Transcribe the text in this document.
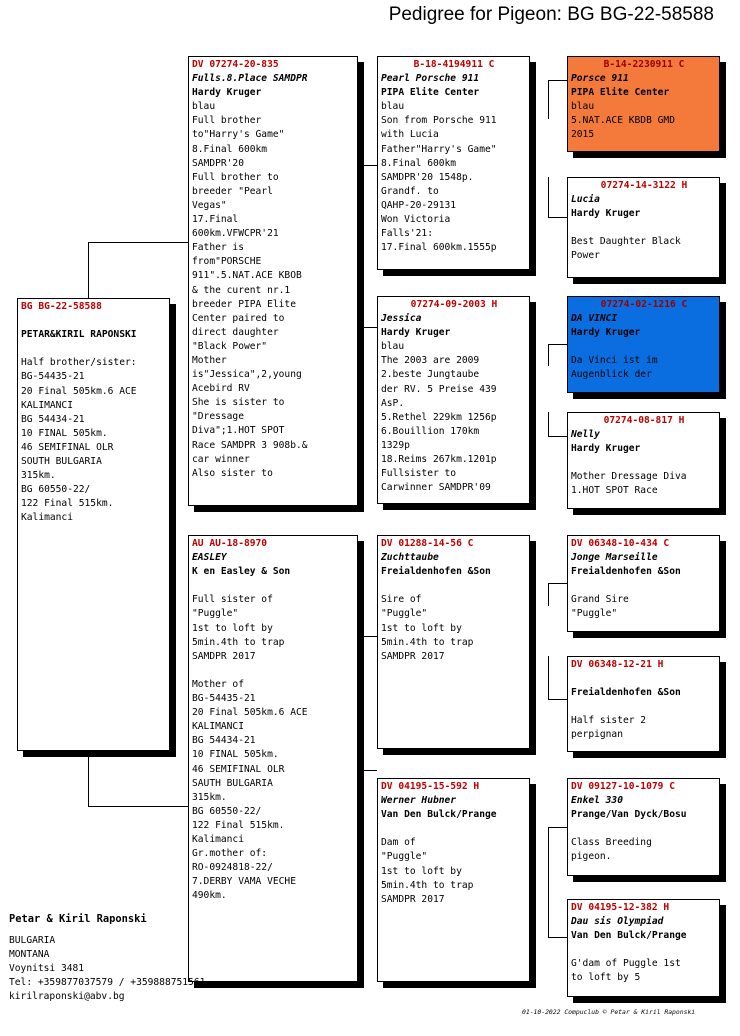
Pedigree for Pigeon: BG BG-22-58588
BG BG-22-58588
PETAR&KIRIL RAPONSKI
Half brother/sister:
BG-54435-21
20 Final 505km.6 ACE
KALIMANCI
BG 54434-21
10 FINAL 505km.
46 SEMIFINAL OLR
SOUTH BULGARIA
315km.
BG 60550-22/
122 Final 515km.
Kalimanci
DV 07274-20-835
Fulls.8.Place SAMDPR
Hardy Kruger
blau
Full brother
to"Harry's Game"
8.Final 600km
SAMDPR'20
Full brother to
breeder "Pearl
Vegas"
17.Final
600km.VFWCPR'21
Father is
from"PORSCHE
911".5.NAT.ACE KBOB
& the curent nr.1
breeder PIPA Elite
Center paired to
direct daughter
"Black Power"
Mother
is"Jessica",2,young
Acebird RV
She is sister to
"Dressage
Diva";1.HOT SPOT
Race SAMDPR 3 908b.&
car winner
Also sister to
AU AU-18-8970
EASLEY
K en Easley & Son
Full sister of
"Puggle"
1st to loft by
5min.4th to trap
SAMDPR 2017
Mother of
BG-54435-21
20 Final 505km.6 ACE
KALIMANCI
BG 54434-21
10 FINAL 505km.
46 SEMIFINAL OLR
SAUTH BULGARIA
315km.
BG 60550-22/
122 Final 515km.
Kalimanci
Gr.mother of:
RO-0924818-22/
7.DERBY VAMA VECHE
490km.
B-18-4194911 C
Pearl Porsche 911
PIPA Elite Center
blau
Son from Porsche 911
with Lucia
Father"Harry's Game"
8.Final 600km
SAMDPR'20 1548p.
Grandf. to
QAHP-20-29131
Won Victoria
Falls'21:
17.Final 600km.1555p
07274-09-2003 H
Jessica
Hardy Kruger
blau
The 2003 are 2009
2.beste Jungtaube
der RV. 5 Preise 439
AsP.
5.Rethel 229km 1256p
6.Bouillion 170km
1329p
18.Reims 267km.1201p
Fullsister to
Carwinner SAMDPR'09
DV 01288-14-56 C
Zuchttaube
Freialdenhofen &Son
Sire of
"Puggle"
1st to loft by
5min.4th to trap
SAMDPR 2017
DV 04195-15-592 H
Werner Hubner
Van Den Bulck/Prange
Dam of
"Puggle"
1st to loft by
5min.4th to trap
SAMDPR 2017
B-14-2230911 C
Porsce 911
PIPA Elite Center
blau
5.NAT.ACE KBDB GMD
2015
07274-14-3122 H
Lucia
Hardy Kruger
Best Daughter Black
Power
07274-02-1216 C
DA VINCI
Hardy Kruger
Da Vinci ist im
Augenblick der
07274-08-817 H
Nelly
Hardy Kruger
Mother Dressage Diva
1.HOT SPOT Race
DV 06348-10-434 C
Jonge Marseille
Freialdenhofen &Son
Grand Sire
"Puggle"
DV 06348-12-21 H
Freialdenhofen &Son
Half sister 2
perpignan
DV 09127-10-1079 C
Enkel 330
Prange/Van Dyck/Bosu
Class Breeding
pigeon.
DV 04195-12-382 H
Dau sis Olympiad
Van Den Bulck/Prange
G'dam of Puggle 1st
to loft by 5
Petar & Kiril Raponski
BULGARIA
MONTANA
Voynitsi 3481
Tel: +359877037579 / +359888751561
kirilraponski@abv.bg
01-10-2022 Compuclub © Petar & Kiril Raponski
